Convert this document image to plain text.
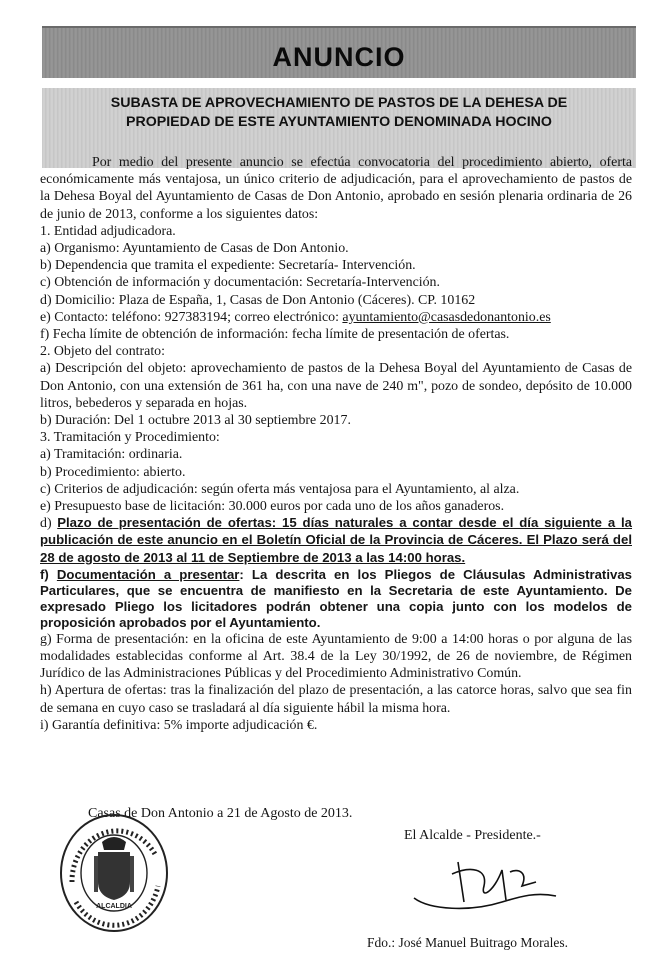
ANUNCIO
SUBASTA DE APROVECHAMIENTO DE PASTOS DE LA DEHESA DE
PROPIEDAD DE ESTE AYUNTAMIENTO DENOMINADA HOCINO

Por medio del presente anuncio se efectúa convocatoria del procedimiento abierto, oferta económicamente más ventajosa, un único criterio de adjudicación, para el aprovechamiento de pastos de la Dehesa Boyal del Ayuntamiento de Casas de Don Antonio, aprobado en sesión plenaria ordinaria de 26 de junio de 2013, conforme a los siguientes datos:

1. Entidad adjudicadora.

a) Organismo: Ayuntamiento de Casas de Don Antonio.

b) Dependencia que tramita el expediente: Secretaría- Intervención.

c) Obtención de información y documentación: Secretaría-Intervención.

d) Domicilio: Plaza de España, 1, Casas de Don Antonio (Cáceres). CP. 10162

e) Contacto: teléfono: 927383194; correo electrónico: ayuntamiento@casasdedonantonio.es

f) Fecha límite de obtención de información: fecha límite de presentación de ofertas.

2. Objeto del contrato:

a) Descripción del objeto: aprovechamiento de pastos de la Dehesa Boyal del Ayuntamiento de Casas de Don Antonio, con una extensión de 361 ha, con una nave de 240 m", pozo de sondeo, depósito de 10.000 litros, bebederos y separada en hojas.

b) Duración: Del 1 octubre 2013 al 30 septiembre 2017.

3. Tramitación y Procedimiento:

a) Tramitación: ordinaria.

b) Procedimiento: abierto.

c) Criterios de adjudicación: según oferta más ventajosa para el Ayuntamiento, al alza.

e) Presupuesto base de licitación: 30.000 euros por cada uno de los años ganaderos.

d) Plazo de presentación de ofertas: 15 días naturales a contar desde el día siguiente a la publicación de este anuncio en el Boletín Oficial de la Provincia de Cáceres. El Plazo será del 28 de agosto de 2013 al 11 de Septiembre de 2013 a las 14:00 horas.

f) Documentación a presentar: La descrita en los Pliegos de Cláusulas Administrativas Particulares, que se encuentra de manifiesto en la Secretaria de este Ayuntamiento. De expresado Pliego los licitadores podrán obtener una copia junto con los modelos de proposición aprobados por el Ayuntamiento.

g) Forma de presentación: en la oficina de este Ayuntamiento de 9:00 a 14:00 horas o por alguna de las modalidades establecidas conforme al Art. 38.4 de la Ley 30/1992, de 26 de noviembre, de Régimen Jurídico de las Administraciones Públicas y del Procedimiento Administrativo Común.

h) Apertura de ofertas: tras la finalización del plazo de presentación, a las catorce horas, salvo que sea fin de semana en cuyo caso se trasladará al día siguiente hábil la misma hora.

i) Garantía definitiva: 5% importe adjudicación €.

Casas de Don Antonio a 21 de Agosto de 2013.
El Alcalde - Presidente.-
ALCALDIA
Fdo.: José Manuel Buitrago Morales.
